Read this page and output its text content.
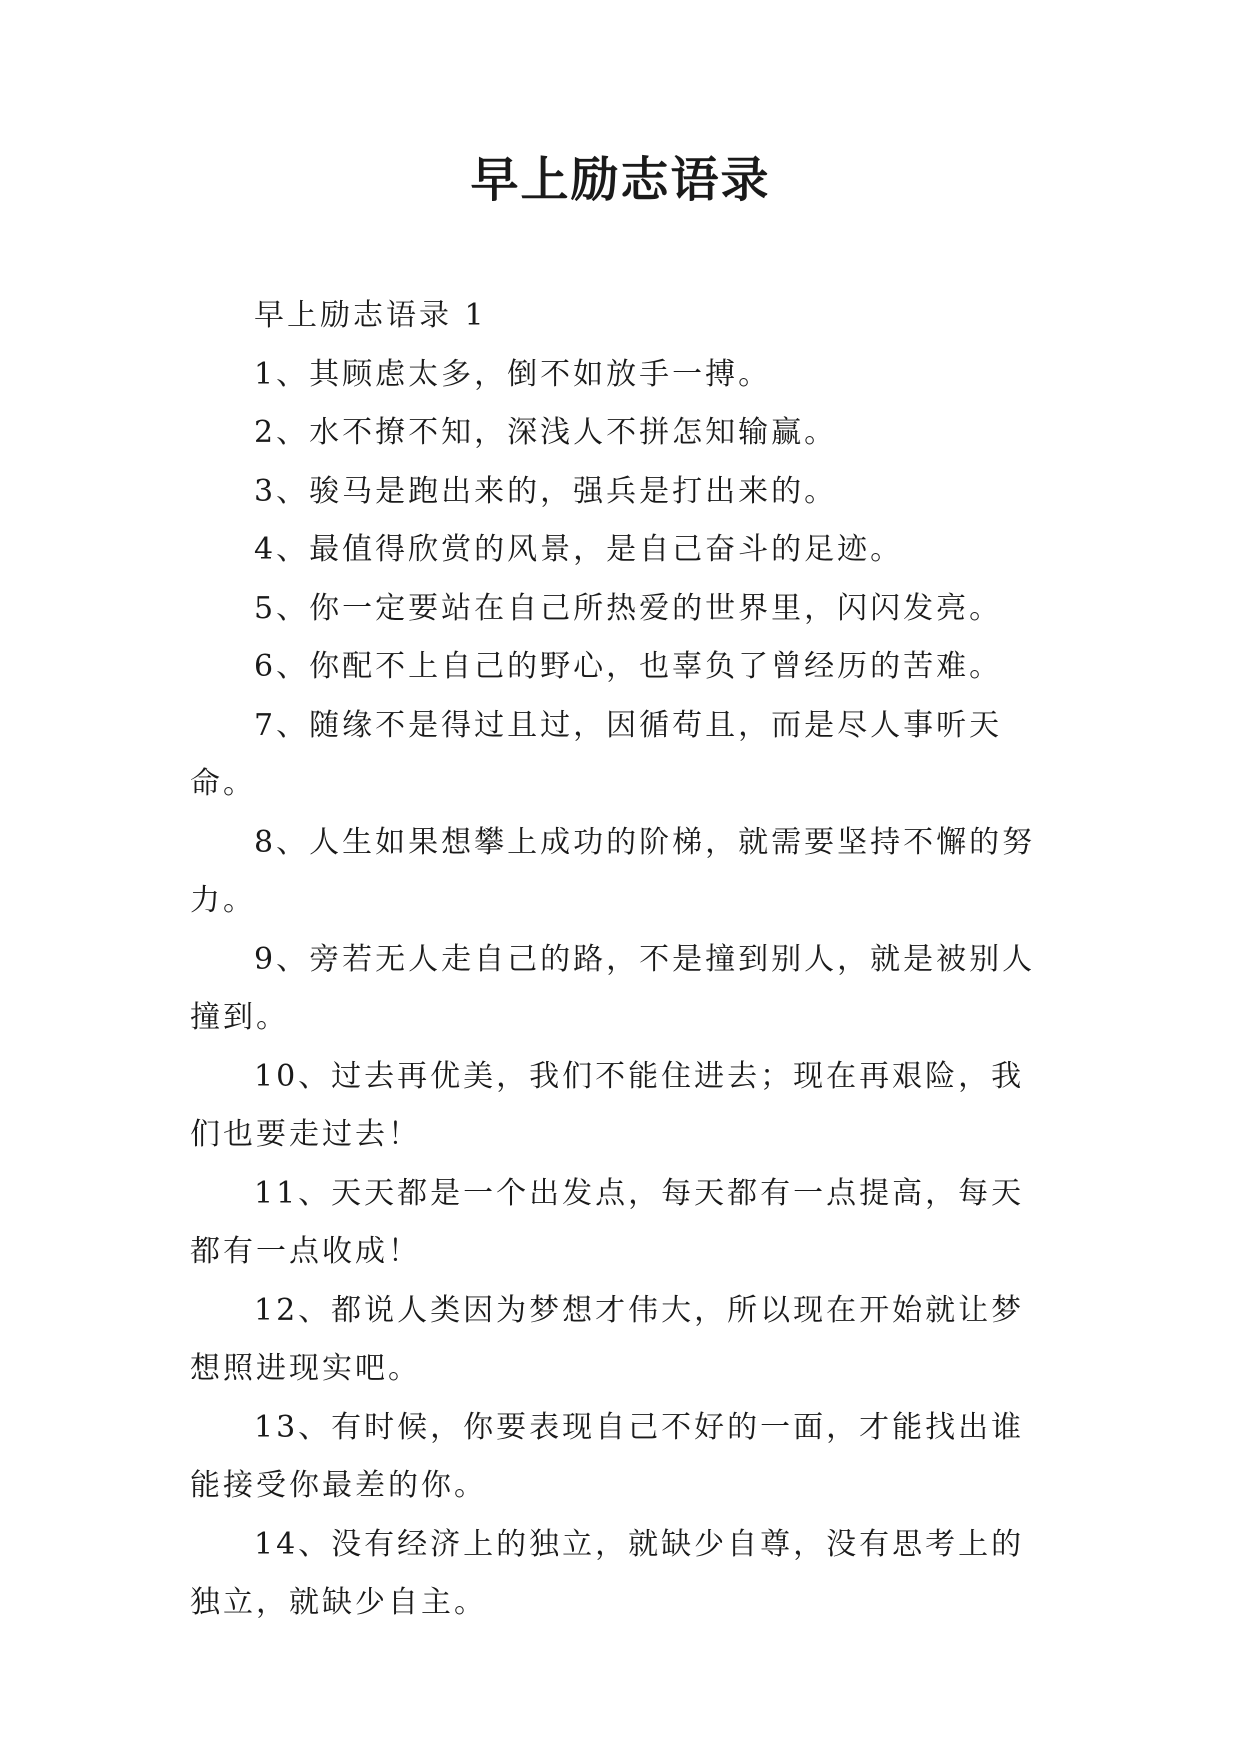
早上励志语录

早上励志语录 1

1、其顾虑太多，倒不如放手一搏。

2、水不撩不知，深浅人不拼怎知输赢。

3、骏马是跑出来的，强兵是打出来的。

4、最值得欣赏的风景，是自己奋斗的足迹。

5、你一定要站在自己所热爱的世界里，闪闪发亮。

6、你配不上自己的野心，也辜负了曾经历的苦难。

7、随缘不是得过且过，因循苟且，而是尽人事听天命。

8、人生如果想攀上成功的阶梯，就需要坚持不懈的努力。

9、旁若无人走自己的路，不是撞到别人，就是被别人撞到。

10、过去再优美，我们不能住进去；现在再艰险，我们也要走过去！

11、天天都是一个出发点，每天都有一点提高，每天都有一点收成！

12、都说人类因为梦想才伟大，所以现在开始就让梦想照进现实吧。

13、有时候，你要表现自己不好的一面，才能找出谁能接受你最差的你。

14、没有经济上的独立，就缺少自尊，没有思考上的独立，就缺少自主。
